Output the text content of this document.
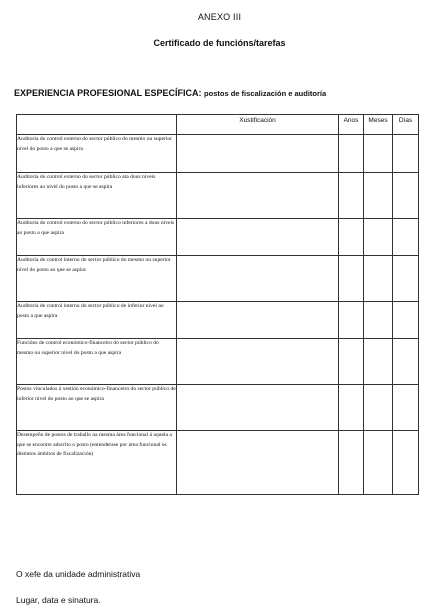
ANEXO III
Certificado de funcións/tarefas
EXPERIENCIA PROFESIONAL ESPECÍFICA: postos de fiscalización e auditoría
	Xustificación	Anos	Meses	Días
Auditoría do control externo do sector público do mesmo ou superior nivel do posto a que se aspira				
Auditoría do control externo do sector público ata dous niveis inferiores ao nivel do posto a que se aspira				
Auditoría do control externo do sector público inferiores a dous niveis ao posto a que aspira				
Auditoría de control interno do sector público do mesmo ou superior nivel do posto ao que se aspira				
Auditoría de control interno do sector público de inferior nivel ao posto a que aspira				
Funcións de control económico-financeiro do sector público do mesmo ou superior nivel do posto a que aspira				
Postos vinculados á xestión económico-financeiro do sector público de inferior nivel do posto ao que se aspira				
Desempeño de postos de traballo na mesma área funcional á aquela a que se encontre adscrito o posto (entenderase por área funcional os distintos ámbitos de fiscalización)				
O xefe da unidade administrativa
Lugar, data e sinatura.
